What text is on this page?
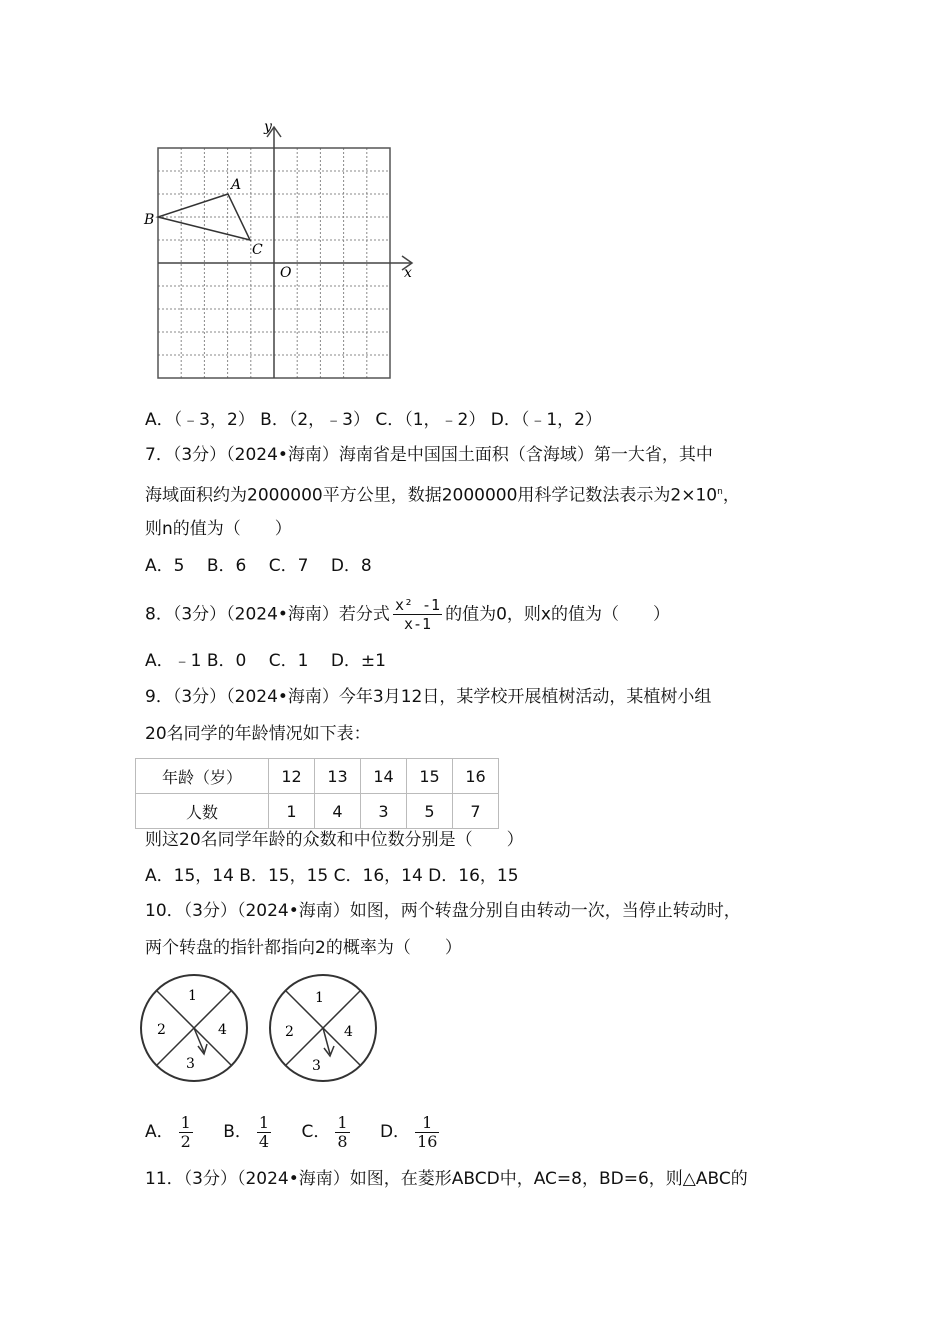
y
x
O
A
B
C
A．（﹣3，2） B．（2，﹣3） C．（1，﹣2） D．（﹣1，2）
7．（3分）（2024•海南）海南省是中国国土面积（含海域）第一大省，其中
海域面积约为2000000平方公里，数据2000000用科学记数法表示为$2\times 10^n$，
则n的值为（　　）
A．5　 B．6　 C．7　 D．8
8．（3分）（2024•海南）若分式 $\frac{\text{x² -1}}{x-1}$ 的值为0，则x的值为（　　）
A．﹣1 B．0　 C．1　 D．±1
9．（3分）（2024•海南）今年3月12日，某学校开展植树活动，某植树小组
20名同学的年龄情况如下表：
年龄（岁）	12	13	14	15	16
人数	1	4	3	5	7
则这20名同学年龄的众数和中位数分别是（　　）
A．15，14 B．15，15 C．16，14 D．16，15
10．（3分）（2024•海南）如图，两个转盘分别自由转动一次，当停止转动时，
两个转盘的指针都指向2的概率为（　　）
1
2
3
4
1
2
3
4
A． $\frac{1}{2}$ B． $\frac{1}{4}$ C． $\frac{1}{8}$ D． $\frac{1}{16}$
11．（3分）（2024•海南）如图，在菱形ABCD中，AC=8，BD=6，则△ABC的
